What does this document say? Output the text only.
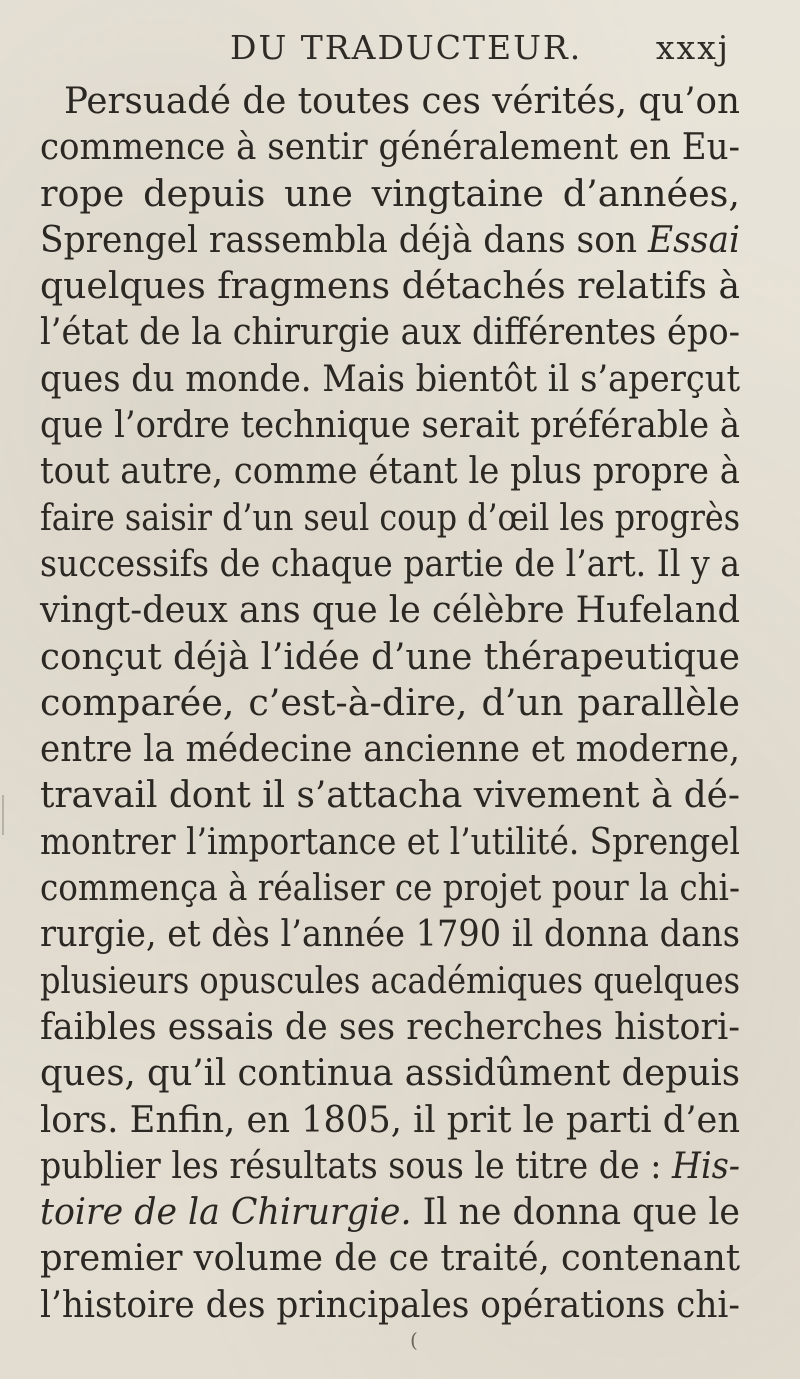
DU TRADUCTEUR. xxxj
Persuadé de toutes ces vérités, qu’on
commence à sentir généralement en Eu-
rope depuis une vingtaine d’années,
Sprengel rassembla déjà dans son Essai
quelques fragmens détachés relatifs à
l’état de la chirurgie aux différentes épo-
ques du monde. Mais bientôt il s’aperçut
que l’ordre technique serait préférable à
tout autre, comme étant le plus propre à
faire saisir d’un seul coup d’œil les progrès
successifs de chaque partie de l’art. Il y a
vingt-deux ans que le célèbre Hufeland
conçut déjà l’idée d’une thérapeutique
comparée, c’est-à-dire, d’un parallèle
entre la médecine ancienne et moderne,
travail dont il s’attacha vivement à dé-
montrer l’importance et l’utilité. Sprengel
commença à réaliser ce projet pour la chi-
rurgie, et dès l’année 1790 il donna dans
plusieurs opuscules académiques quelques
faibles essais de ses recherches histori-
ques, qu’il continua assidûment depuis
lors. Enfin, en 1805, il prit le parti d’en
publier les résultats sous le titre de : His-
toire de la Chirurgie. Il ne donna que le
premier volume de ce traité, contenant
l’histoire des principales opérations chi-
(
